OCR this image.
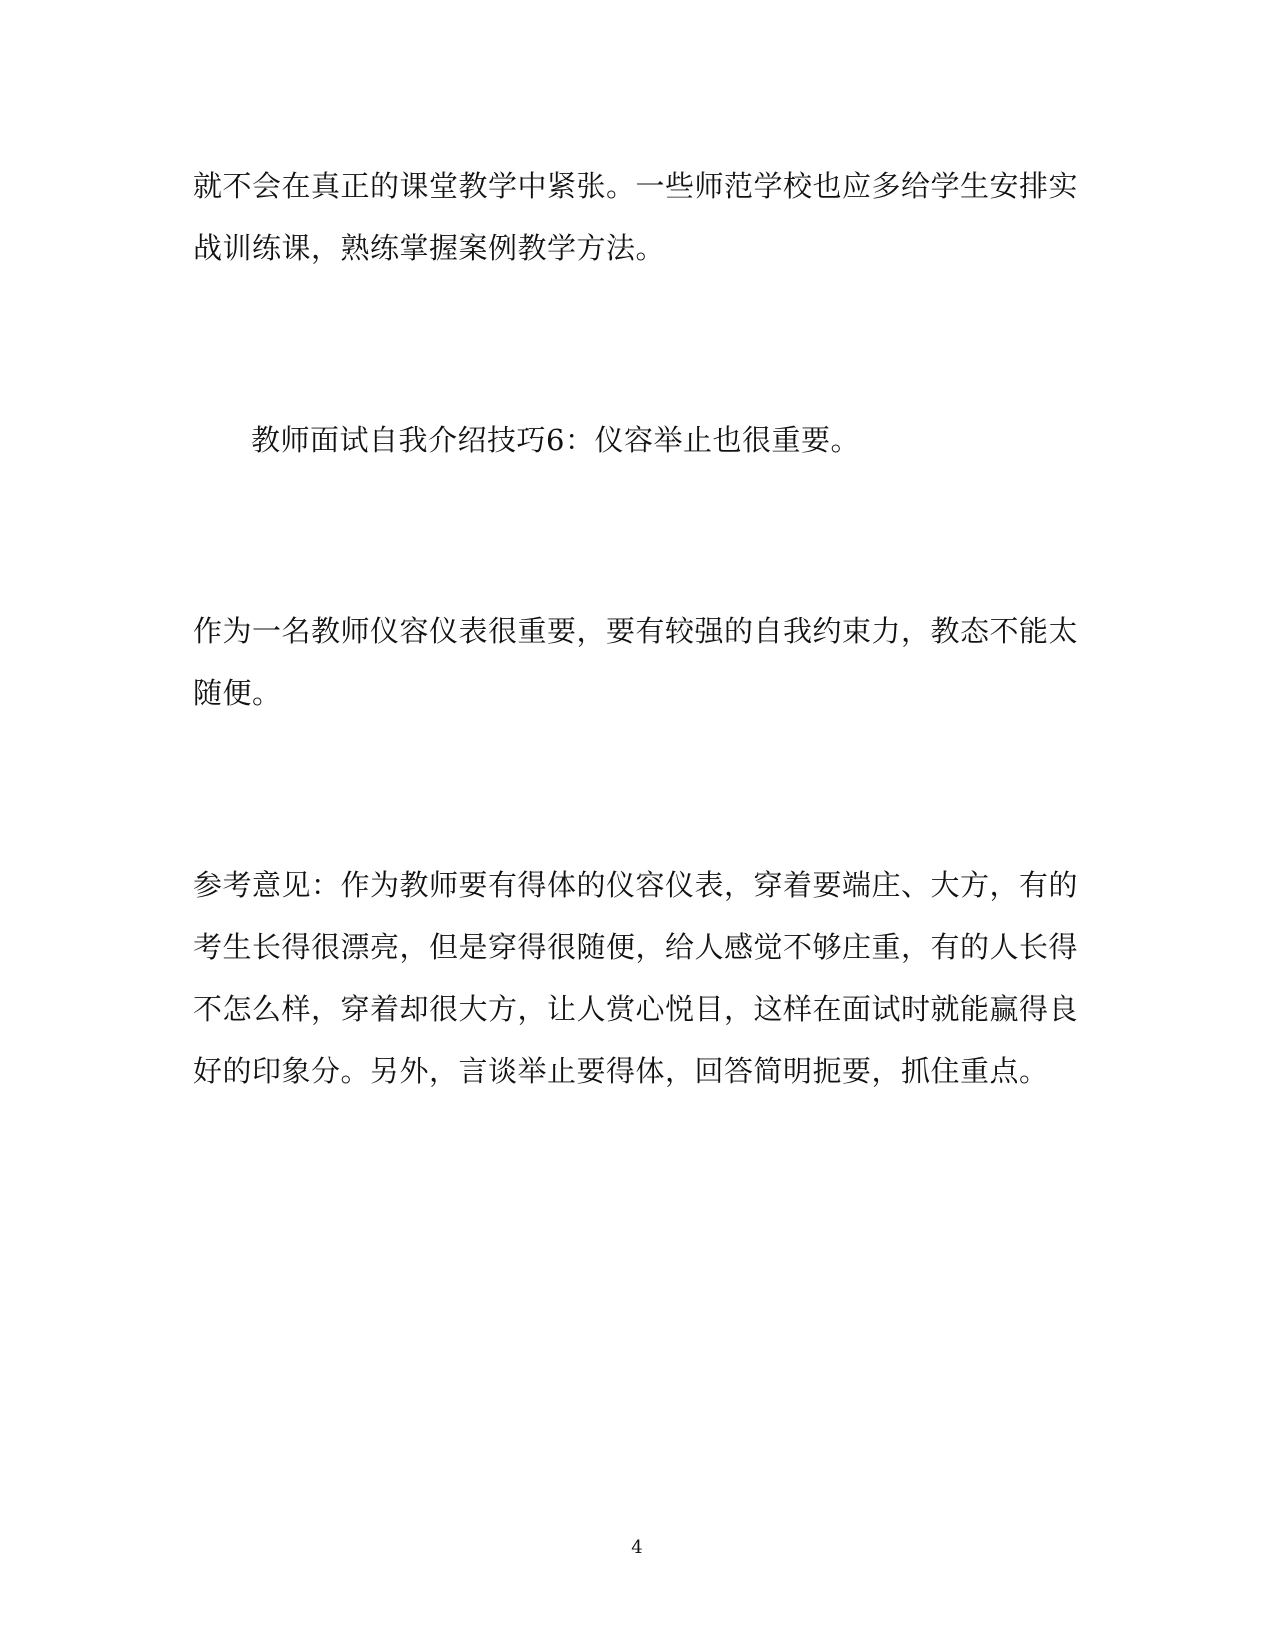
就不会在真正的课堂教学中紧张。一些师范学校也应多给学生安排实
战训练课，熟练掌握案例教学方法。
教师面试自我介绍技巧6：仪容举止也很重要。
作为一名教师仪容仪表很重要，要有较强的自我约束力，教态不能太
随便。
参考意见：作为教师要有得体的仪容仪表，穿着要端庄、大方，有的
考生长得很漂亮，但是穿得很随便，给人感觉不够庄重，有的人长得
不怎么样，穿着却很大方，让人赏心悦目，这样在面试时就能赢得良
好的印象分。另外，言谈举止要得体，回答简明扼要，抓住重点。
4
